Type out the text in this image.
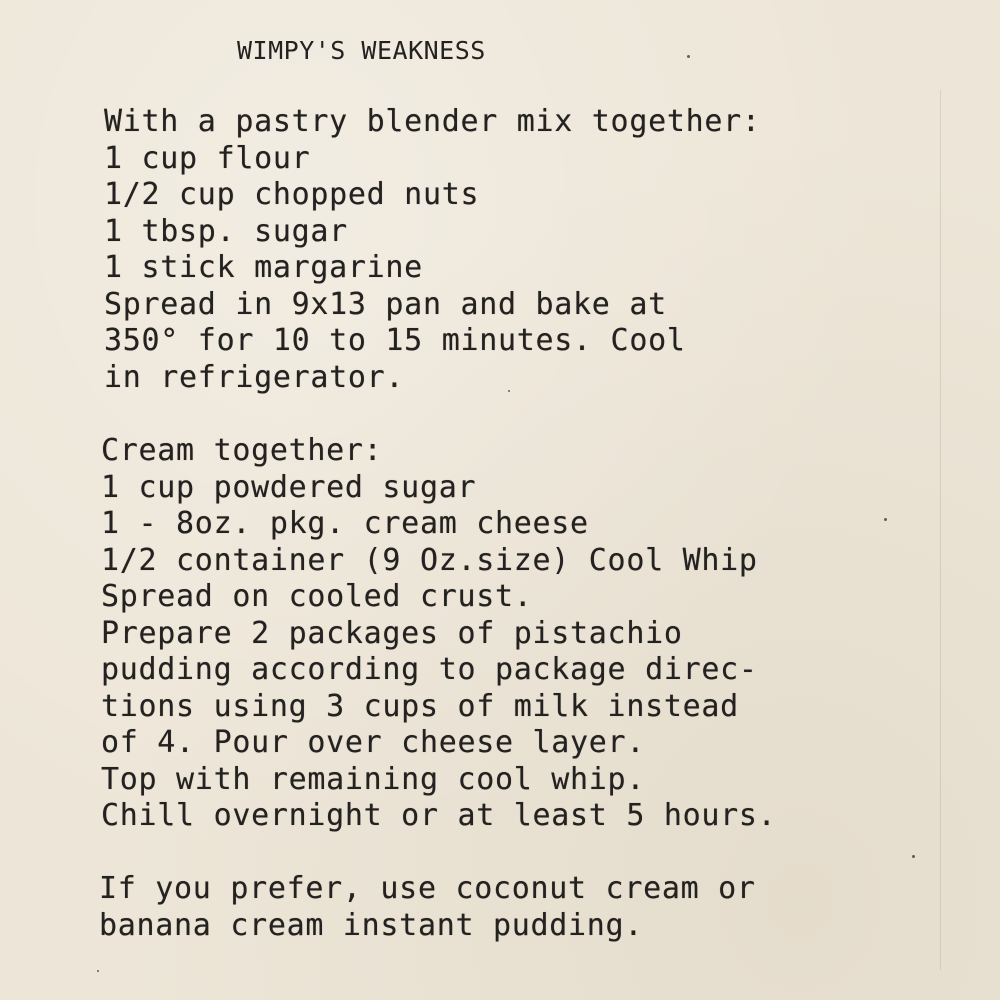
WIMPY'S WEAKNESS
With a pastry blender mix together:
1 cup flour
1/2 cup chopped nuts
1 tbsp. sugar
1 stick margarine
Spread in 9x13 pan and bake at
350° for 10 to 15 minutes. Cool
in refrigerator.
Cream together:
1 cup powdered sugar
1 - 8oz. pkg. cream cheese
1/2 container (9 Oz.size) Cool Whip
Spread on cooled crust.
Prepare 2 packages of pistachio
pudding according to package direc-
tions using 3 cups of milk instead
of 4. Pour over cheese layer.
Top with remaining cool whip.
Chill overnight or at least 5 hours.
If you prefer, use coconut cream or
banana cream instant pudding.
